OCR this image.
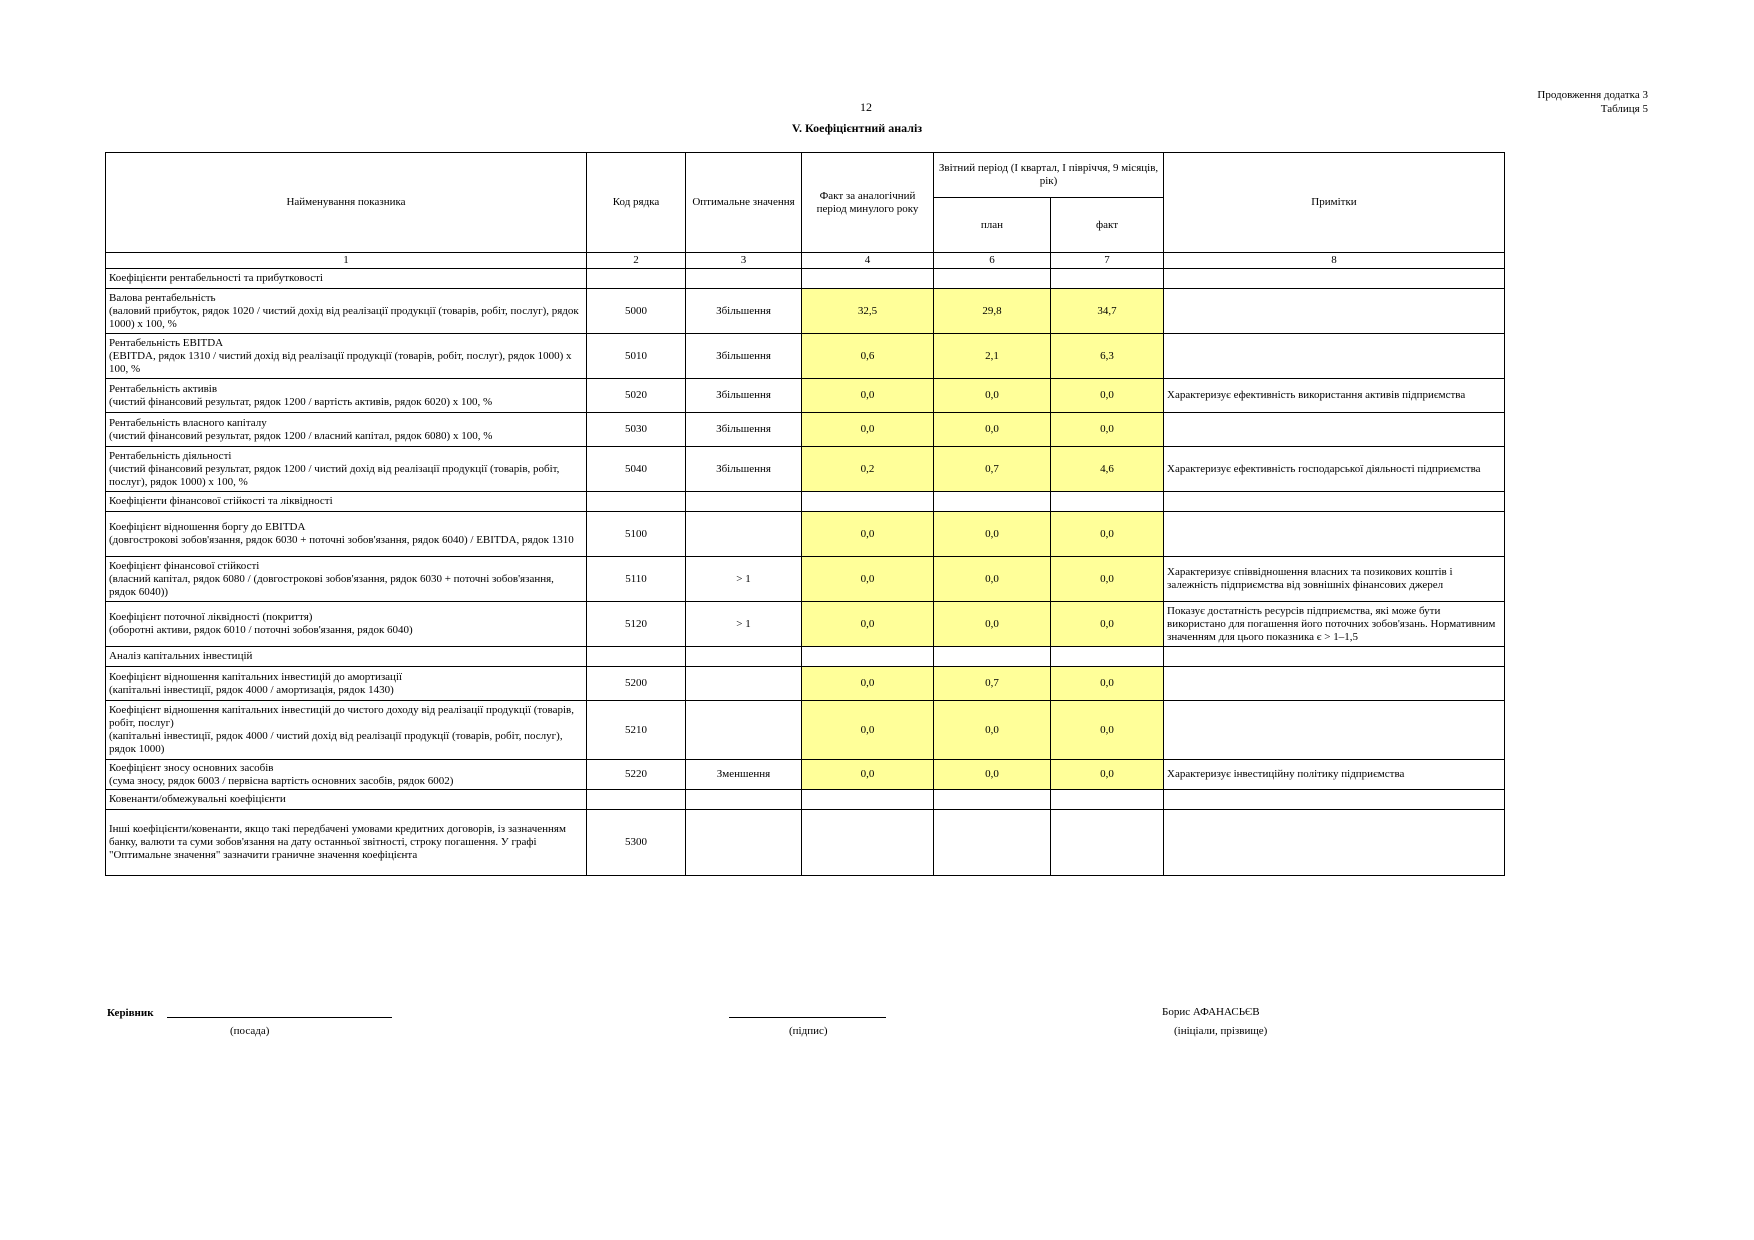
Продовження додатка 3
Таблиця 5
12
V. Коефіцієнтний аналіз
Найменування показника	Код рядка	Оптимальне значення	Факт за аналогічний період минулого року	Звітний період (І квартал, І півріччя, 9 місяців, рік)		Примітки
				план	факт	
1	2	3	4	6	7	8
Коефіцієнти рентабельності та прибутковості						
Валова рентабельність
(валовий прибуток, рядок 1020 / чистий дохід від реалізації продукції (товарів, робіт, послуг), рядок 1000) х 100, %	5000	Збільшення	32,5	29,8	34,7	
Рентабельність EBITDA
(EBITDA, рядок 1310 / чистий дохід від реалізації продукції (товарів, робіт, послуг), рядок 1000) х 100, %	5010	Збільшення	0,6	2,1	6,3	
Рентабельність активів
(чистий фінансовий результат, рядок 1200 / вартість активів, рядок 6020) х 100, %	5020	Збільшення	0,0	0,0	0,0	Характеризує ефективність використання активів підприємства
Рентабельність власного капіталу
(чистий фінансовий результат, рядок 1200 / власний капітал, рядок 6080) х 100, %	5030	Збільшення	0,0	0,0	0,0	
Рентабельність діяльності
(чистий фінансовий результат, рядок 1200 / чистий дохід від реалізації продукції (товарів, робіт, послуг), рядок 1000) х 100, %	5040	Збільшення	0,2	0,7	4,6	Характеризує ефективність господарської діяльності підприємства
Коефіцієнти фінансової стійкості та ліквідності						
Коефіцієнт відношення боргу до EBITDA
(довгострокові зобов'язання, рядок 6030 + поточні зобов'язання, рядок 6040) / EBITDA, рядок 1310	5100		0,0	0,0	0,0	
Коефіцієнт фінансової стійкості
(власний капітал, рядок 6080 / (довгострокові зобов'язання, рядок 6030 + поточні зобов'язання, рядок 6040))	5110	> 1	0,0	0,0	0,0	Характеризує співвідношення власних та позикових коштів і залежність підприємства від зовнішніх фінансових джерел
Коефіцієнт поточної ліквідності (покриття)
(оборотні активи, рядок 6010 / поточні зобов'язання, рядок 6040)	5120	> 1	0,0	0,0	0,0	Показує достатність ресурсів підприємства, які може бути використано для погашення його поточних зобов'язань. Нормативним значенням для цього показника є > 1–1,5
Аналіз капітальних інвестицій						
Коефіцієнт відношення капітальних інвестицій до амортизації
(капітальні інвестиції, рядок 4000 / амортизація, рядок 1430)	5200		0,0	0,7	0,0	
Коефіцієнт відношення капітальних інвестицій до чистого доходу від реалізації продукції (товарів, робіт, послуг)
(капітальні інвестиції, рядок 4000 / чистий дохід від реалізації продукції (товарів, робіт, послуг), рядок 1000)	5210		0,0	0,0	0,0	
Коефіцієнт зносу основних засобів
(сума зносу, рядок 6003 / первісна вартість основних засобів, рядок 6002)	5220	Зменшення	0,0	0,0	0,0	Характеризує інвестиційну політику підприємства
Ковенанти/обмежувальні коефіцієнти						
Інші коефіцієнти/ковенанти, якщо такі передбачені умовами кредитних договорів, із зазначенням банку, валюти та суми зобов'язання на дату останньої звітності, строку погашення. У графі "Оптимальне значення" зазначити граничне значення коефіцієнта	5300					
Керівник
(посада)	(підпис)
Борис АФАНАСЬЄВ
(ініціали, прізвище)
